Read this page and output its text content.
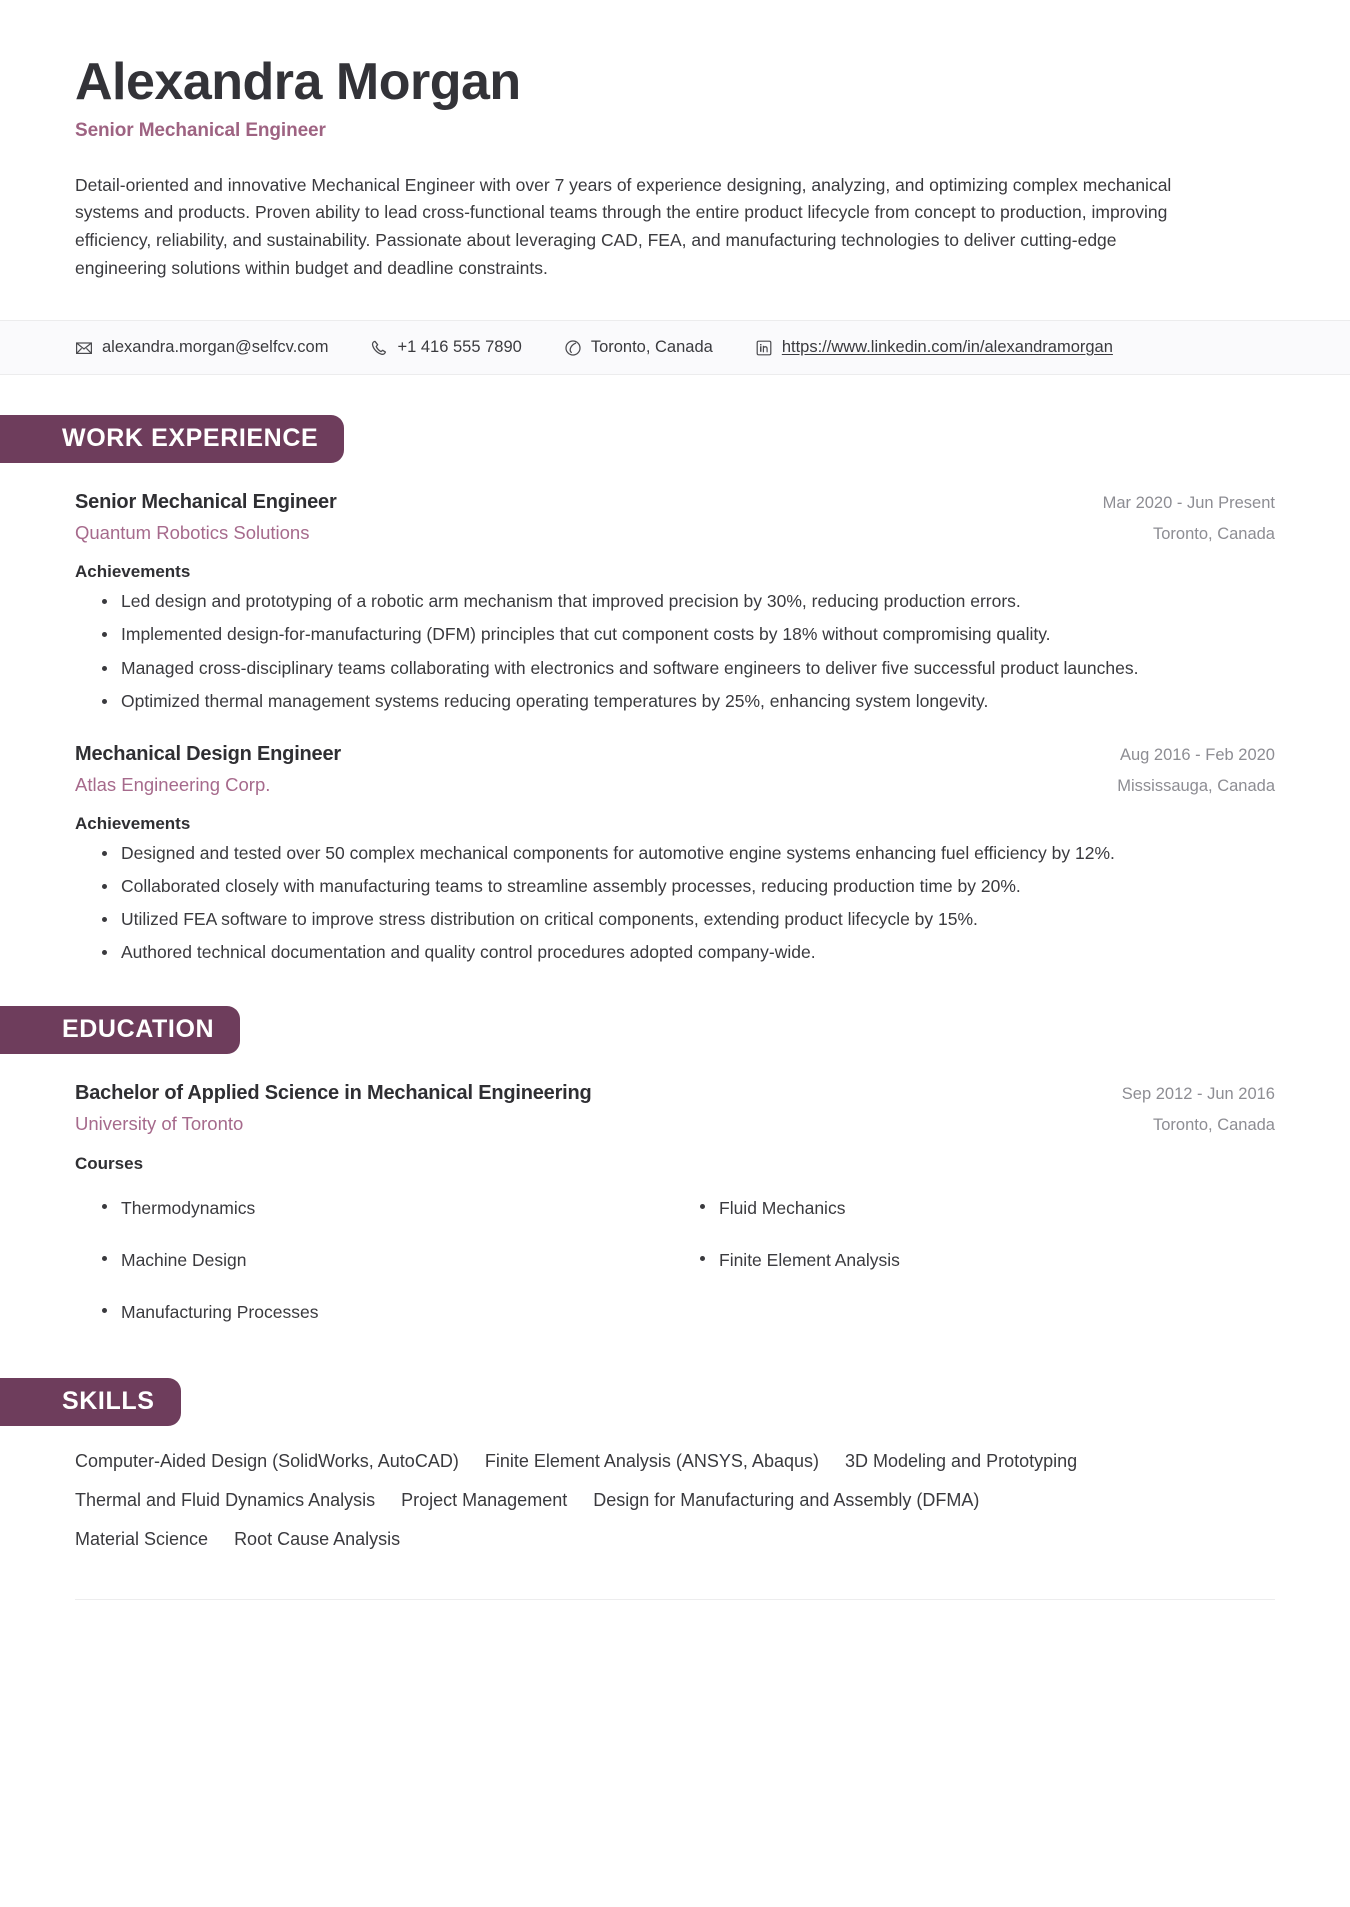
Alexandra Morgan
Senior Mechanical Engineer

Detail-oriented and innovative Mechanical Engineer with over 7 years of experience designing, analyzing, and optimizing complex mechanical systems and products. Proven ability to lead cross-functional teams through the entire product lifecycle from concept to production, improving efficiency, reliability, and sustainability. Passionate about leveraging CAD, FEA, and manufacturing technologies to deliver cutting-edge engineering solutions within budget and deadline constraints.

alexandra.morgan@selfcv.com	+1 416 555 7890	Toronto, Canada	https://www.linkedin.com/in/alexandramorgan
WORK EXPERIENCE
Senior Mechanical Engineer	Mar 2020 - Jun Present
Quantum Robotics Solutions	Toronto, Canada
Achievements
Led design and prototyping of a robotic arm mechanism that improved precision by 30%, reducing production errors.
Implemented design-for-manufacturing (DFM) principles that cut component costs by 18% without compromising quality.
Managed cross-disciplinary teams collaborating with electronics and software engineers to deliver five successful product launches.
Optimized thermal management systems reducing operating temperatures by 25%, enhancing system longevity.
Mechanical Design Engineer	Aug 2016 - Feb 2020
Atlas Engineering Corp.	Mississauga, Canada
Achievements
Designed and tested over 50 complex mechanical components for automotive engine systems enhancing fuel efficiency by 12%.
Collaborated closely with manufacturing teams to streamline assembly processes, reducing production time by 20%.
Utilized FEA software to improve stress distribution on critical components, extending product lifecycle by 15%.
Authored technical documentation and quality control procedures adopted company-wide.
EDUCATION
Bachelor of Applied Science in Mechanical Engineering	Sep 2012 - Jun 2016
University of Toronto	Toronto, Canada
Courses
Thermodynamics	Fluid Mechanics
Machine Design	Finite Element Analysis
Manufacturing Processes
SKILLS
Computer-Aided Design (SolidWorks, AutoCAD) Finite Element Analysis (ANSYS, Abaqus) 3D Modeling and Prototyping
Thermal and Fluid Dynamics Analysis Project Management Design for Manufacturing and Assembly (DFMA)
Material Science Root Cause Analysis
